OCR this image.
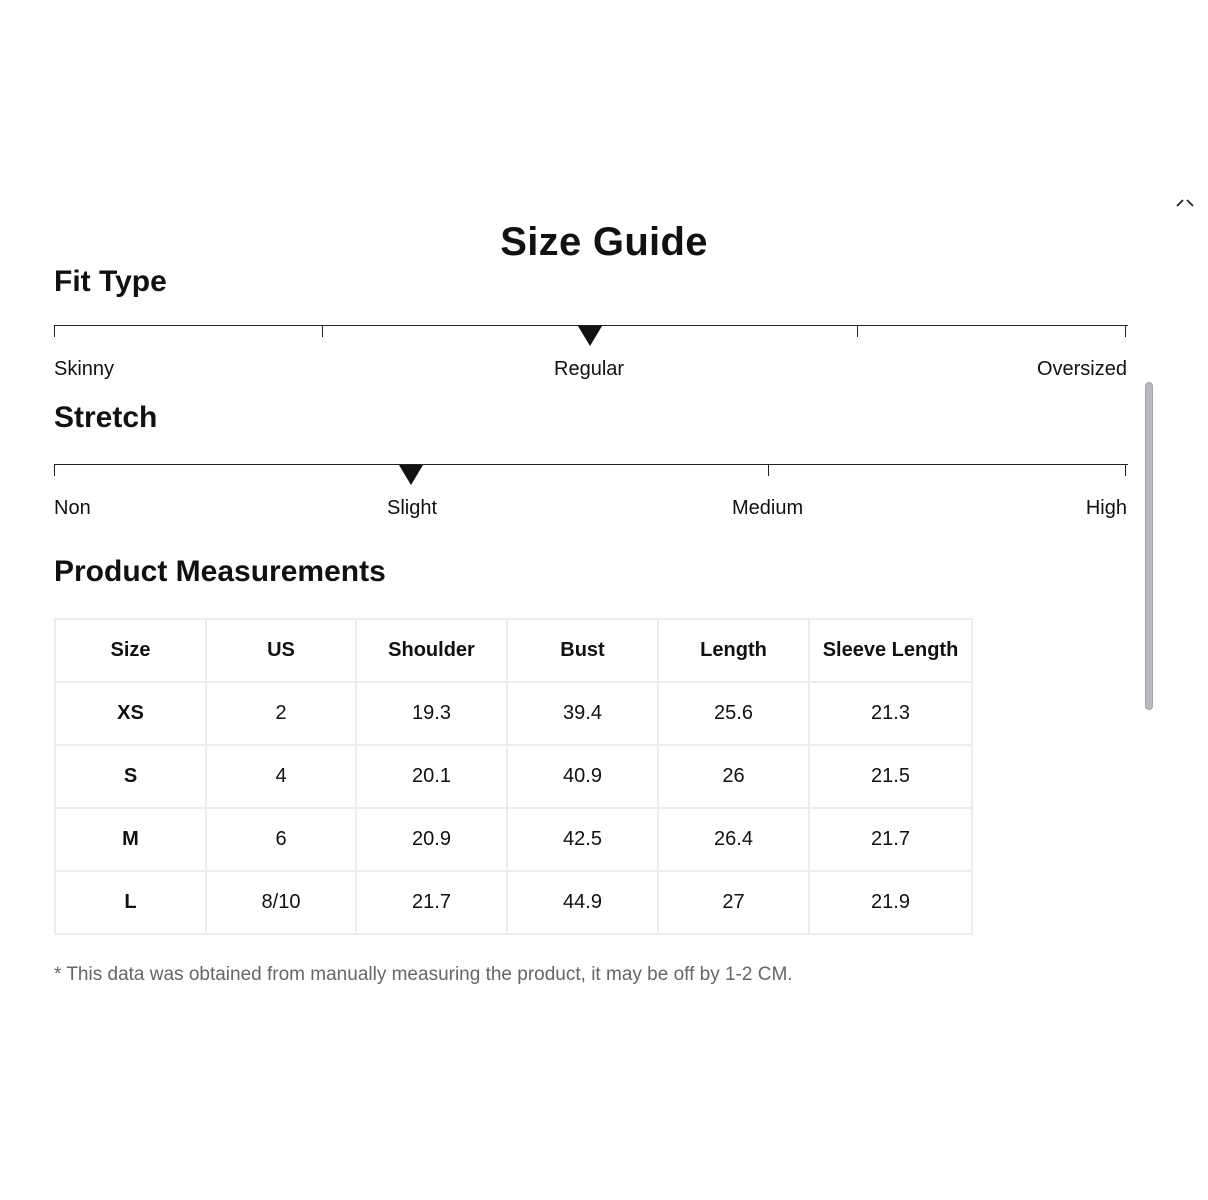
Size Guide
Fit Type
Skinny	Regular	Oversized
Stretch
Non	Slight	Medium	High
Product Measurements
Size	US	Shoulder	Bust	Length	Sleeve Length
XS	2	19.3	39.4	25.6	21.3
S	4	20.1	40.9	26	21.5
M	6	20.9	42.5	26.4	21.7
L	8/10	21.7	44.9	27	21.9
* This data was obtained from manually measuring the product, it may be off by 1-2 CM.
